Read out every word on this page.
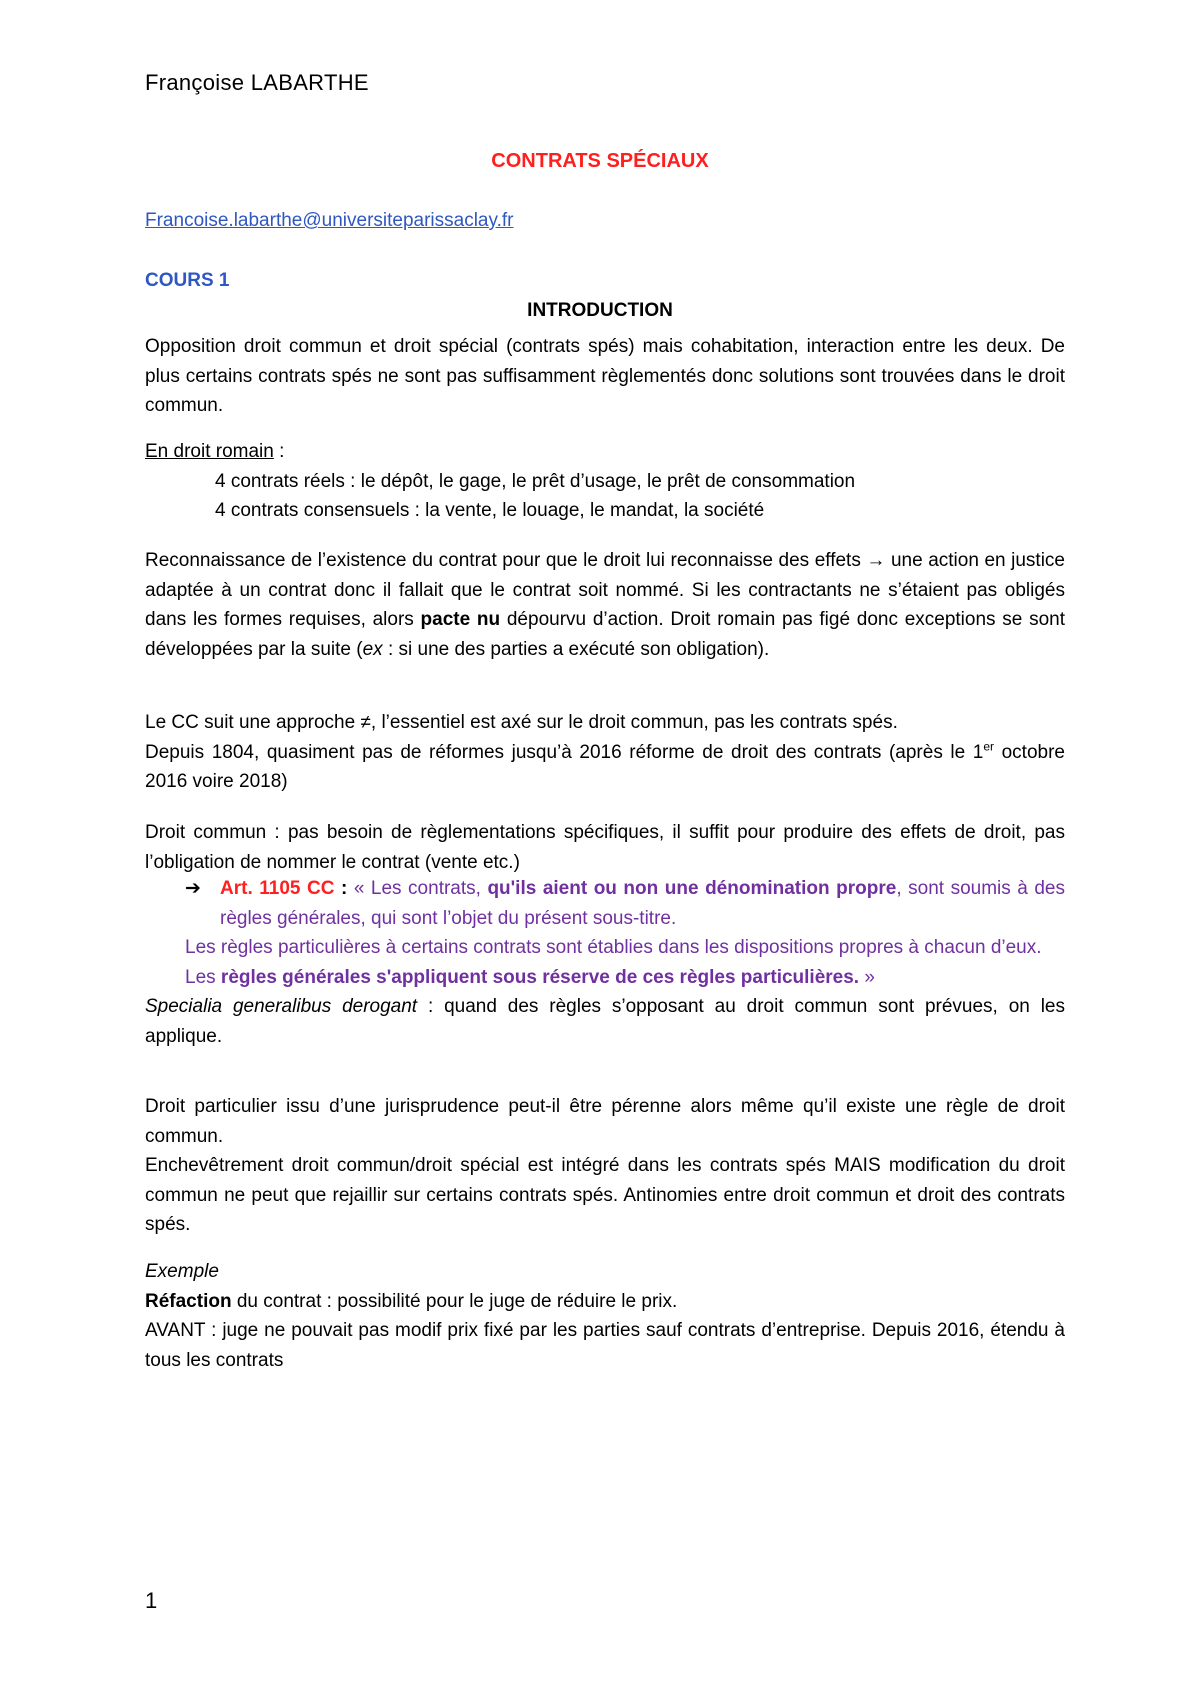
Françoise LABARTHE
CONTRATS SPÉCIAUX
Francoise.labarthe@universiteparissaclay.fr
COURS 1
INTRODUCTION
Opposition droit commun et droit spécial (contrats spés) mais cohabitation, interaction entre les deux. De plus certains contrats spés ne sont pas suffisamment règlementés donc solutions sont trouvées dans le droit commun.
En droit romain :
4 contrats réels : le dépôt, le gage, le prêt d’usage, le prêt de consommation
4 contrats consensuels : la vente, le louage, le mandat, la société
Reconnaissance de l’existence du contrat pour que le droit lui reconnaisse des effets → une action en justice adaptée à un contrat donc il fallait que le contrat soit nommé. Si les contractants ne s’étaient pas obligés dans les formes requises, alors pacte nu dépourvu d’action. Droit romain pas figé donc exceptions se sont développées par la suite (ex : si une des parties a exécuté son obligation).
Le CC suit une approche ≠, l’essentiel est axé sur le droit commun, pas les contrats spés.
Depuis 1804, quasiment pas de réformes jusqu’à 2016 réforme de droit des contrats (après le 1er octobre 2016 voire 2018)
Droit commun : pas besoin de règlementations spécifiques, il suffit pour produire des effets de droit, pas l’obligation de nommer le contrat (vente etc.)
➔ Art. 1105 CC : « Les contrats, qu'ils aient ou non une dénomination propre, sont soumis à des règles générales, qui sont l’objet du présent sous-titre.
Les règles particulières à certains contrats sont établies dans les dispositions propres à chacun d’eux.
Les règles générales s'appliquent sous réserve de ces règles particulières. »
Specialia generalibus derogant : quand des règles s’opposant au droit commun sont prévues, on les applique.
Droit particulier issu d’une jurisprudence peut-il être pérenne alors même qu’il existe une règle de droit commun.
Enchevêtrement droit commun/droit spécial est intégré dans les contrats spés MAIS modification du droit commun ne peut que rejaillir sur certains contrats spés. Antinomies entre droit commun et droit des contrats spés.
Exemple
Réfaction du contrat : possibilité pour le juge de réduire le prix.
AVANT : juge ne pouvait pas modif prix fixé par les parties sauf contrats d’entreprise. Depuis 2016, étendu à tous les contrats
1
